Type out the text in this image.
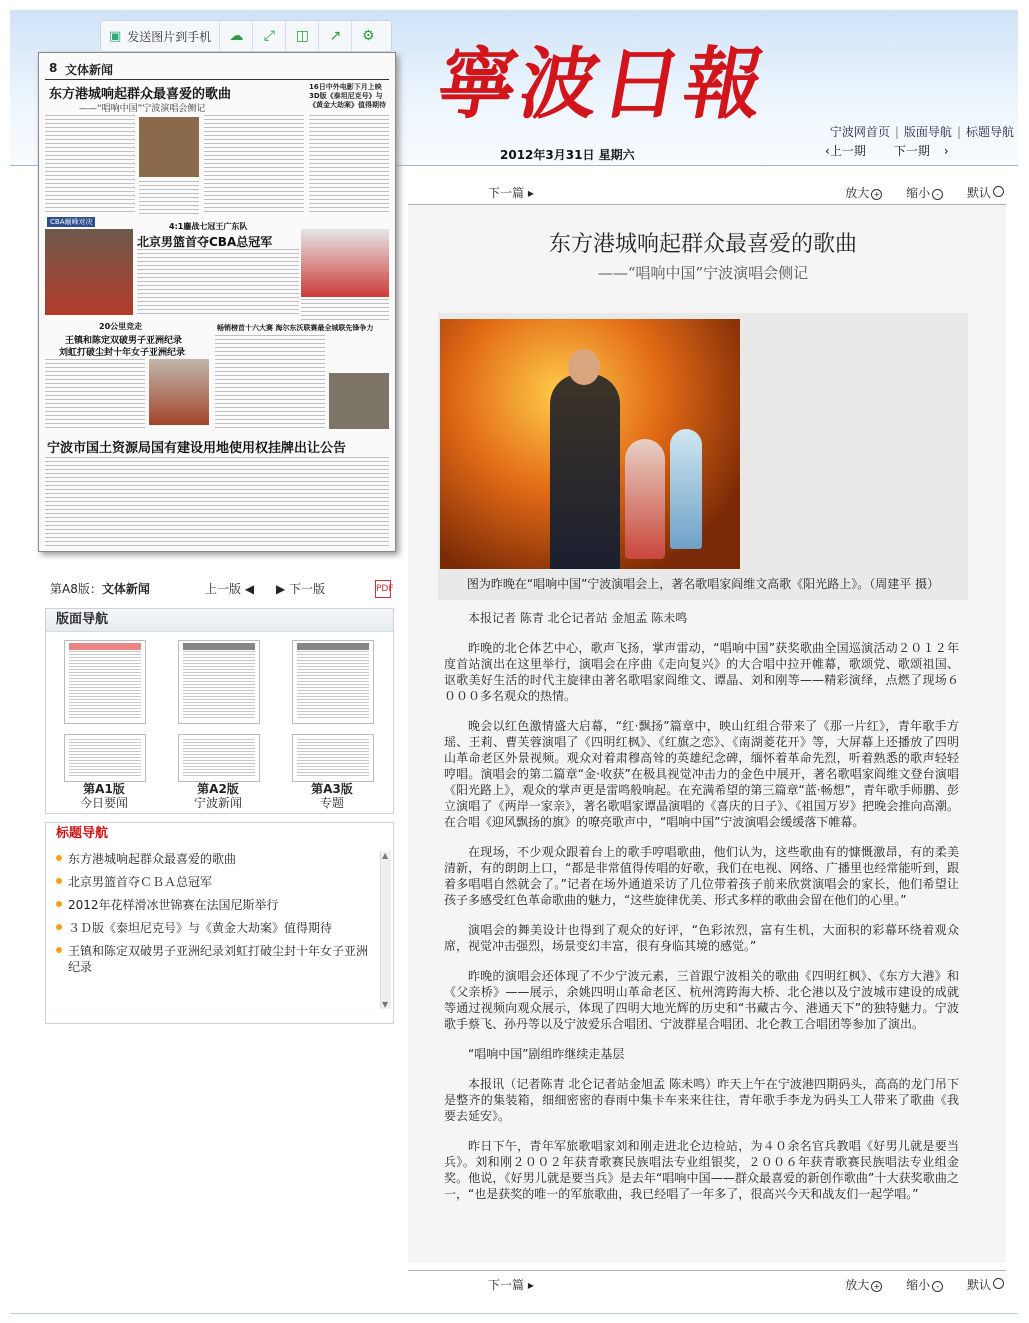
寧波日報
宁波网首页 | 版面导航 | 标题导航
2012年3月31日 星期六	‹上一期 下一期 ›
8 文体新闻
东方港城响起群众最喜爱的歌曲
——“唱响中国”宁波演唱会侧记
16日中外电影下月上映 3D版《泰坦尼克号》与《黄金大劫案》值得期待
CBA巅峰对决	4:1鏖战七冠王广东队
北京男篮首夺CBA总冠军
20公里竞走
王镇和陈定双破男子亚洲纪录
刘虹打破尘封十年女子亚洲纪录
畅销榜首十六大赛 海尔东沃联赛最全城联先锋争力
宁波市国土资源局国有建设用地使用权挂牌出让公告
▣ 发送图片到手机	☁	⤢	◫	↗	⚙
第A8版：文体新闻	上一版 ◀ ▶ 下一版	PDF
版面导航
第A1版
今日要闻
第A2版
宁波新闻
第A3版
专题
标题导航
东方港城响起群众最喜爱的歌曲
北京男篮首夺ＣＢＡ总冠军
2012年花样滑冰世锦赛在法国尼斯举行
３Ｄ版《泰坦尼克号》与《黄金大劫案》值得期待
王镇和陈定双破男子亚洲纪录刘虹打破尘封十年女子亚洲纪录
▲
▼
下一篇 ▸	放大 + 缩小 - 默认
东方港城响起群众最喜爱的歌曲
——“唱响中国”宁波演唱会侧记
图为昨晚在“唱响中国”宁波演唱会上，著名歌唱家阎维文高歌《阳光路上》。（周建平 摄）

本报记者 陈青 北仑记者站 金旭孟 陈未鸣

昨晚的北仑体艺中心，歌声飞扬，掌声雷动，“唱响中国”获奖歌曲全国巡演活动２０１２年度首站演出在这里举行，演唱会在序曲《走向复兴》的大合唱中拉开帷幕，歌颂党、歌颂祖国、讴歌美好生活的时代主旋律由著名歌唱家阎维文、谭晶、刘和刚等——精彩演绎，点燃了现场６０００多名观众的热情。

晚会以红色激情盛大启幕，“红·飘扬”篇章中，映山红组合带来了《那一片红》，青年歌手方瑶、王莉、曹芙蓉演唱了《四明红枫》、《红旗之恋》、《南湖菱花开》等，大屏幕上还播放了四明山革命老区外景视频。观众对着肃穆高耸的英雄纪念碑，缅怀着革命先烈，听着熟悉的歌声轻轻哼唱。演唱会的第二篇章“金·收获”在极具视觉冲击力的金色中展开，著名歌唱家阎维文登台演唱《阳光路上》，观众的掌声更是雷鸣般响起。在充满希望的第三篇章“蓝·畅想”，青年歌手师鹏、彭立演唱了《两岸一家亲》，著名歌唱家谭晶演唱的《喜庆的日子》、《祖国万岁》把晚会推向高潮。在合唱《迎风飘扬的旗》的嘹亮歌声中，“唱响中国”宁波演唱会缓缓落下帷幕。

在现场，不少观众跟着台上的歌手哼唱歌曲，他们认为，这些歌曲有的慷慨激昂，有的柔美清新，有的朗朗上口，“都是非常值得传唱的好歌，我们在电视、网络、广播里也经常能听到，跟着多唱唱自然就会了。”记者在场外通道采访了几位带着孩子前来欣赏演唱会的家长，他们希望让孩子多感受红色革命歌曲的魅力，“这些旋律优美、形式多样的歌曲会留在他们的心里。”

演唱会的舞美设计也得到了观众的好评，“色彩浓烈，富有生机，大面积的彩幕环绕着观众席，视觉冲击强烈，场景变幻丰富，很有身临其境的感觉。”

昨晚的演唱会还体现了不少宁波元素，三首跟宁波相关的歌曲《四明红枫》、《东方大港》和《父亲桥》——展示，余姚四明山革命老区、杭州湾跨海大桥、北仑港以及宁波城市建设的成就等通过视频向观众展示，体现了四明大地光辉的历史和“书藏古今、港通天下”的独特魅力。宁波歌手蔡飞、孙丹等以及宁波爱乐合唱团、宁波群星合唱团、北仑教工合唱团等参加了演出。

“唱响中国”剧组昨继续走基层

本报讯（记者陈青 北仑记者站金旭孟 陈未鸣）昨天上午在宁波港四期码头，高高的龙门吊下是整齐的集装箱，细细密密的春雨中集卡车来来往往，青年歌手李龙为码头工人带来了歌曲《我要去延安》。

昨日下午，青年军旅歌唱家刘和刚走进北仑边检站，为４０余名官兵教唱《好男儿就是要当兵》。刘和刚２００２年获青歌赛民族唱法专业组银奖，２００６年获青歌赛民族唱法专业组金奖。他说，《好男儿就是要当兵》是去年“唱响中国——群众最喜爱的新创作歌曲”十大获奖歌曲之一，“也是获奖的唯一的军旅歌曲，我已经唱了一年多了，很高兴今天和战友们一起学唱。”

下一篇 ▸	放大 + 缩小 - 默认
